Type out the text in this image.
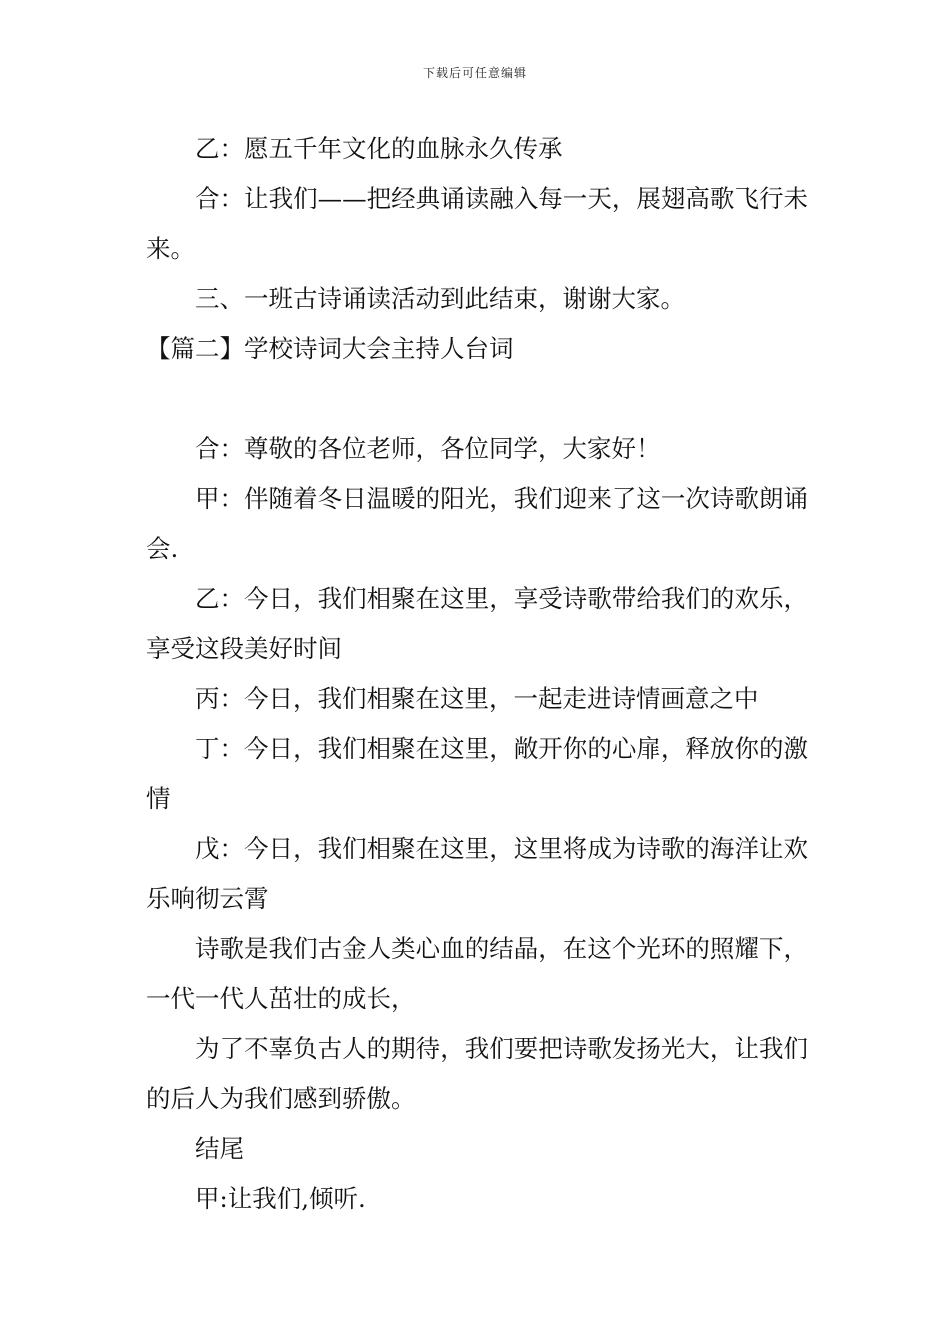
下载后可任意编辑

乙：愿五千年文化的血脉永久传承

合：让我们——把经典诵读融入每一天，展翅高歌飞行未来。

三、一班古诗诵读活动到此结束，谢谢大家。

【篇二】学校诗词大会主持人台词

合：尊敬的各位老师，各位同学，大家好！

甲：伴随着冬日温暖的阳光，我们迎来了这一次诗歌朗诵会.

乙：今日，我们相聚在这里，享受诗歌带给我们的欢乐，享受这段美好时间

丙：今日，我们相聚在这里，一起走进诗情画意之中

丁：今日，我们相聚在这里，敞开你的心扉，释放你的激情

戊：今日，我们相聚在这里，这里将成为诗歌的海洋让欢乐响彻云霄

诗歌是我们古金人类心血的结晶，在这个光环的照耀下，一代一代人茁壮的成长，

为了不辜负古人的期待，我们要把诗歌发扬光大，让我们的后人为我们感到骄傲。

结尾

甲:让我们,倾听.
